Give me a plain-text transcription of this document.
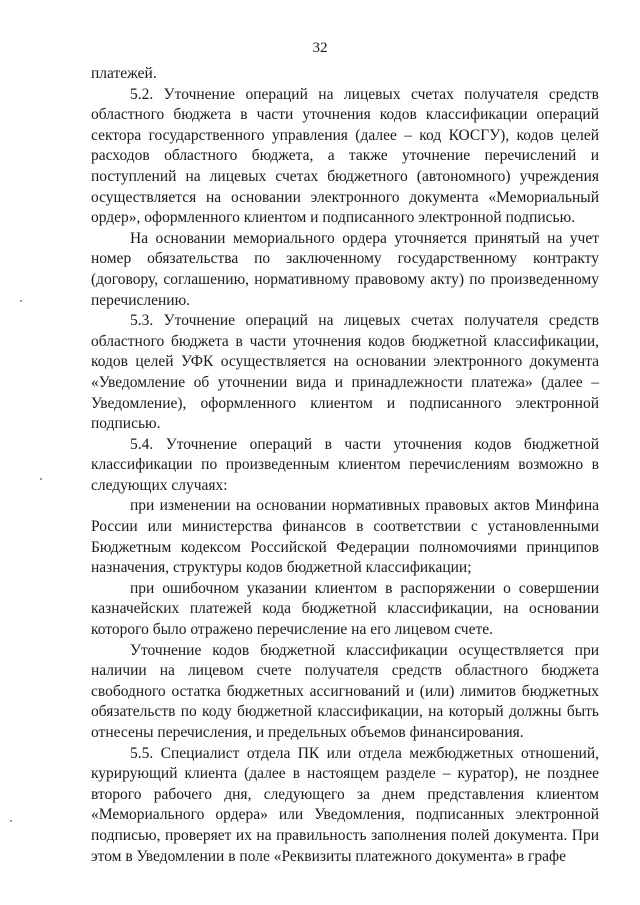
32

платежей.

5.2. Уточнение операций на лицевых счетах получателя средств областного бюджета в части уточнения кодов классификации операций сектора государственного управления (далее – код КОСГУ), кодов целей расходов областного бюджета, а также уточнение перечислений и поступлений на лицевых счетах бюджетного (автономного) учреждения осуществляется на основании электронного документа «Мемориальный ордер», оформленного клиентом и подписанного электронной подписью.

На основании мемориального ордера уточняется принятый на учет номер обязательства по заключенному государственному контракту (договору, соглашению, нормативному правовому акту) по произведенному перечислению.

5.3. Уточнение операций на лицевых счетах получателя средств областного бюджета в части уточнения кодов бюджетной классификации, кодов целей УФК осуществляется на основании электронного документа «Уведомление об уточнении вида и принадлежности платежа» (далее – Уведомление), оформленного клиентом и подписанного электронной подписью.

5.4. Уточнение операций в части уточнения кодов бюджетной классификации по произведенным клиентом перечислениям возможно в следующих случаях:

при изменении на основании нормативных правовых актов Минфина России или министерства финансов в соответствии с установленными Бюджетным кодексом Российской Федерации полномочиями принципов назначения, структуры кодов бюджетной классификации;

при ошибочном указании клиентом в распоряжении о совершении казначейских платежей кода бюджетной классификации, на основании которого было отражено перечисление на его лицевом счете.

Уточнение кодов бюджетной классификации осуществляется при наличии на лицевом счете получателя средств областного бюджета свободного остатка бюджетных ассигнований и (или) лимитов бюджетных обязательств по коду бюджетной классификации, на который должны быть отнесены перечисления, и предельных объемов финансирования.

5.5. Специалист отдела ПК или отдела межбюджетных отношений, курирующий клиента (далее в настоящем разделе – куратор), не позднее второго рабочего дня, следующего за днем представления клиентом «Мемориального ордера» или Уведомления, подписанных электронной подписью, проверяет их на правильность заполнения полей документа. При этом в Уведомлении в поле «Реквизиты платежного документа» в графе
